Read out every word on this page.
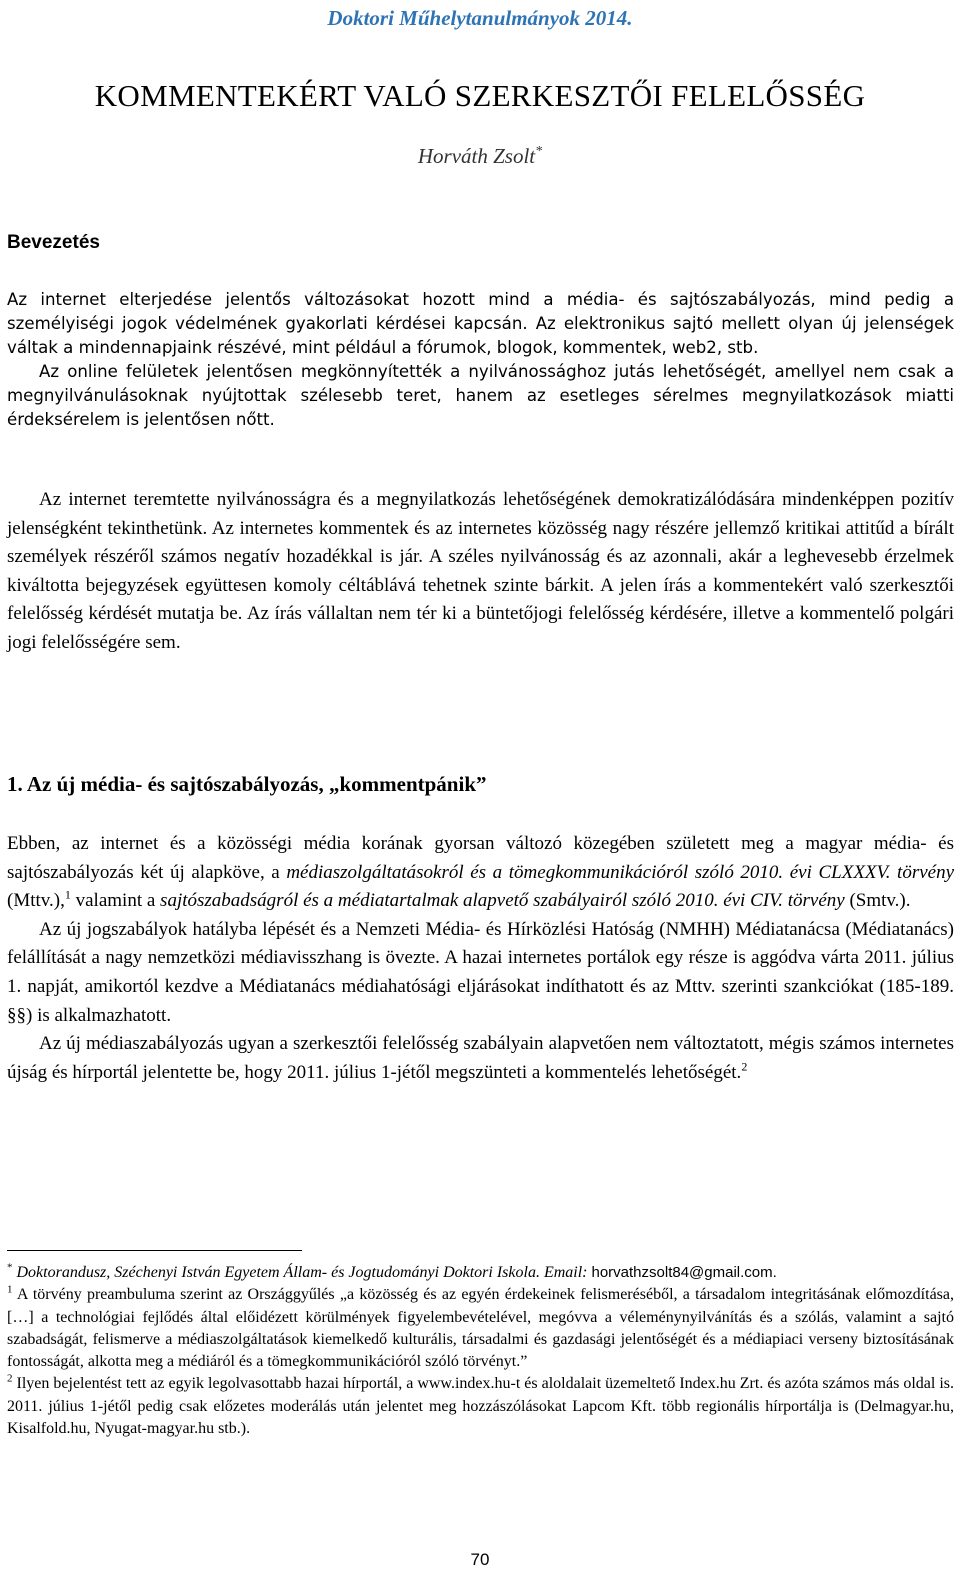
Doktori Műhelytanulmányok 2014.
KOMMENTEKÉRT VALÓ SZERKESZTŐI FELELŐSSÉG
Horváth Zsolt*
Bevezetés

Az internet elterjedése jelentős változásokat hozott mind a média- és sajtószabályozás, mind pedig a személyiségi jogok védelmének gyakorlati kérdései kapcsán. Az elektronikus sajtó mellett olyan új jelenségek váltak a mindennapjaink részévé, mint például a fórumok, blogok, kommentek, web2, stb.

Az online felületek jelentősen megkönnyítették a nyilvánossághoz jutás lehetőségét, amellyel nem csak a megnyilvánulásoknak nyújtottak szélesebb teret, hanem az esetleges sérelmes megnyilatkozások miatti érdeksérelem is jelentősen nőtt.

Az internet teremtette nyilvánosságra és a megnyilatkozás lehetőségének demokratizálódására mindenképpen pozitív jelenségként tekinthetünk. Az internetes kommentek és az internetes közösség nagy részére jellemző kritikai attitűd a bírált személyek részéről számos negatív hozadékkal is jár. A széles nyilvánosság és az azonnali, akár a leghevesebb érzelmek kiváltotta bejegyzések együttesen komoly céltáblává tehetnek szinte bárkit. A jelen írás a kommentekért való szerkesztői felelősség kérdését mutatja be. Az írás vállaltan nem tér ki a büntetőjogi felelősség kérdésére, illetve a kommentelő polgári jogi felelősségére sem.

1. Az új média- és sajtószabályozás, „kommentpánik”

Ebben, az internet és a közösségi média korának gyorsan változó közegében született meg a magyar média- és sajtószabályozás két új alapköve, a médiaszolgáltatásokról és a tömegkommunikációról szóló 2010. évi CLXXXV. törvény (Mttv.),$^1$ valamint a sajtószabadságról és a médiatartalmak alapvető szabályairól szóló 2010. évi CIV. törvény (Smtv.).

Az új jogszabályok hatályba lépését és a Nemzeti Média- és Hírközlési Hatóság (NMHH) Médiatanácsa (Médiatanács) felállítását a nagy nemzetközi médiavisszhang is övezte. A hazai internetes portálok egy része is aggódva várta 2011. július 1. napját, amikortól kezdve a Médiatanács médiahatósági eljárásokat indíthatott és az Mttv. szerinti szankciókat (185-189. §§) is alkalmazhatott.

Az új médiaszabályozás ugyan a szerkesztői felelősség szabályain alapvetően nem változtatott, mégis számos internetes újság és hírportál jelentette be, hogy 2011. július 1-jétől megszünteti a kommentelés lehetőségét.$^2$

* Doktorandusz, Széchenyi István Egyetem Állam- és Jogtudományi Doktori Iskola. Email: horvathzsolt84@gmail.com.

$^1$ A törvény preambuluma szerint az Országgyűlés „a közösség és az egyén érdekeinek felismeréséből, a társadalom integritásának előmozdítása, […] a technológiai fejlődés által előidézett körülmények figyelembevételével, megóvva a véleménynyilvánítás és a szólás, valamint a sajtó szabadságát, felismerve a médiaszolgáltatások kiemelkedő kulturális, társadalmi és gazdasági jelentőségét és a médiapiaci verseny biztosításának fontosságát, alkotta meg a médiáról és a tömegkommunikációról szóló törvényt.”

$^2$ Ilyen bejelentést tett az egyik legolvasottabb hazai hírportál, a www.index.hu-t és aloldalait üzemeltető Index.hu Zrt. és azóta számos más oldal is. 2011. július 1-jétől pedig csak előzetes moderálás után jelentet meg hozzászólásokat Lapcom Kft. több regionális hírportálja is (Delmagyar.hu, Kisalfold.hu, Nyugat-magyar.hu stb.).

70
